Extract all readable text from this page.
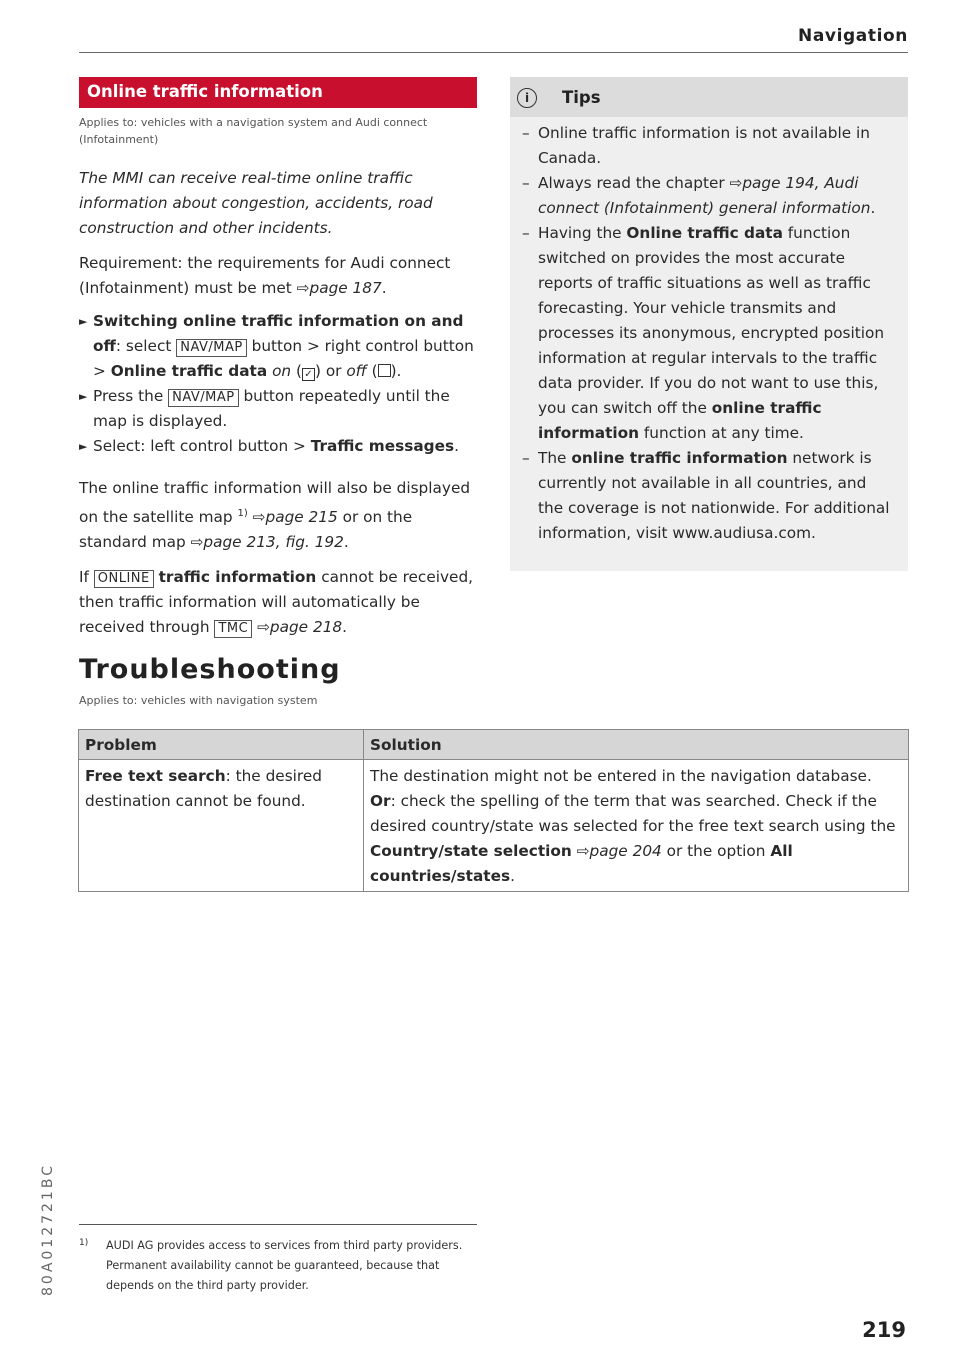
Navigation
Online traffic information
Applies to: vehicles with a navigation system and Audi connect (Infotainment)
The MMI can receive real-time online traffic information about congestion, accidents, road construction and other incidents.
Requirement: the requirements for Audi connect (Infotainment) must be met ⇨page 187.
► Switching online traffic information on and off: select NAV/MAP button > right control button > Online traffic data on ( ✓ ) or off ( ).
► Press the NAV/MAP button repeatedly until the map is displayed.
► Select: left control button > Traffic messages.
The online traffic information will also be displayed on the satellite map $^{1)}$ ⇨page 215 or on the standard map ⇨page 213, fig. 192.
If ONLINE traffic information cannot be received, then traffic information will automatically be received through TMC ⇨page 218.
i	Tips
– Online traffic information is not available in Canada.
– Always read the chapter ⇨page 194, Audi connect (Infotainment) general information.
– Having the Online traffic data function switched on provides the most accurate reports of traffic situations as well as traffic forecasting. Your vehicle transmits and processes its anonymous, encrypted position information at regular intervals to the traffic data provider. If you do not want to use this, you can switch off the online traffic information function at any time.
– The online traffic information network is currently not available in all countries, and the coverage is not nationwide. For additional information, visit www.audiusa.com.
Troubleshooting
Applies to: vehicles with navigation system
Problem	Solution
Free text search: the desired destination cannot be found.	The destination might not be entered in the navigation database. Or: check the spelling of the term that was searched. Check if the desired country/state was selected for the free text search using the Country/state selection ⇨page 204 or the option All countries/states.
1)	AUDI AG provides access to services from third party providers. Permanent availability cannot be guaranteed, because that depends on the third party provider.
80A012721BC
219
